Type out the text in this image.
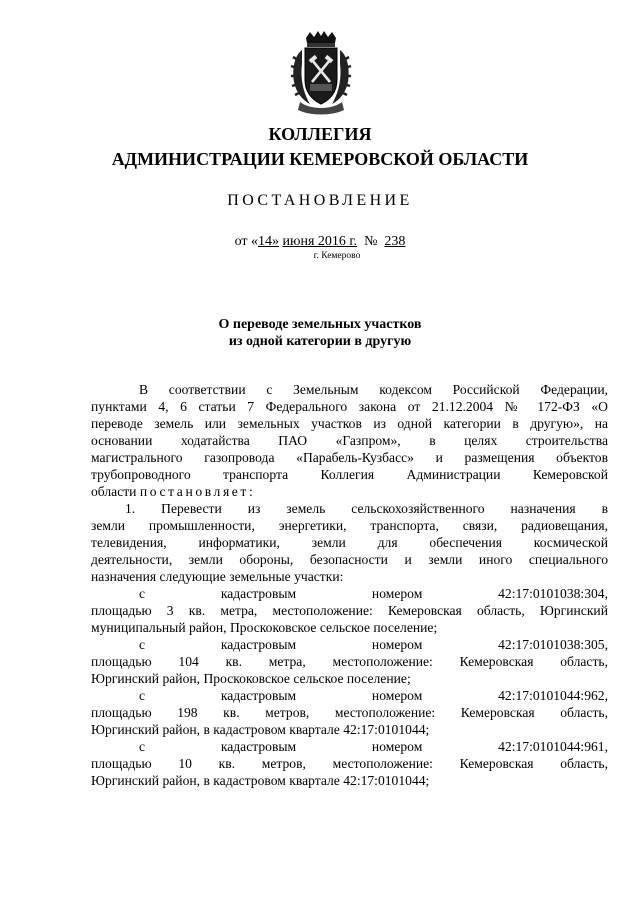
КОЛЛЕГИЯ
АДМИНИСТРАЦИИ КЕМЕРОВСКОЙ ОБЛАСТИ
ПОСТАНОВЛЕНИЕ
от «14» июня 2016 г. № 238
г. Кемерово
О переводе земельных участков
из одной категории в другую
В соответствии с Земельным кодексом Российской Федерации,
пунктами 4, 6 статьи 7 Федерального закона от 21.12.2004 № 172-ФЗ «О
переводе земель или земельных участков из одной категории в другую», на
основании ходатайства ПАО «Газпром», в целях строительства
магистрального газопровода «Парабель-Кузбасс» и размещения объектов
трубопроводного транспорта Коллегия Администрации Кемеровской
области постановляет:
1. Перевести из земель сельскохозяйственного назначения в
земли промышленности, энергетики, транспорта, связи, радиовещания,
телевидения, информатики, земли для обеспечения космической
деятельности, земли обороны, безопасности и земли иного специального
назначения следующие земельные участки:
с кадастровым номером 42:17:0101038:304,
площадью 3 кв. метра, местоположение: Кемеровская область, Юргинский
муниципальный район, Проскоковское сельское поселение;
с кадастровым номером 42:17:0101038:305,
площадью 104 кв. метра, местоположение: Кемеровская область,
Юргинский район, Проскоковское сельское поселение;
с кадастровым номером 42:17:0101044:962,
площадью 198 кв. метров, местоположение: Кемеровская область,
Юргинский район, в кадастровом квартале 42:17:0101044;
с кадастровым номером 42:17:0101044:961,
площадью 10 кв. метров, местоположение: Кемеровская область,
Юргинский район, в кадастровом квартале 42:17:0101044;
